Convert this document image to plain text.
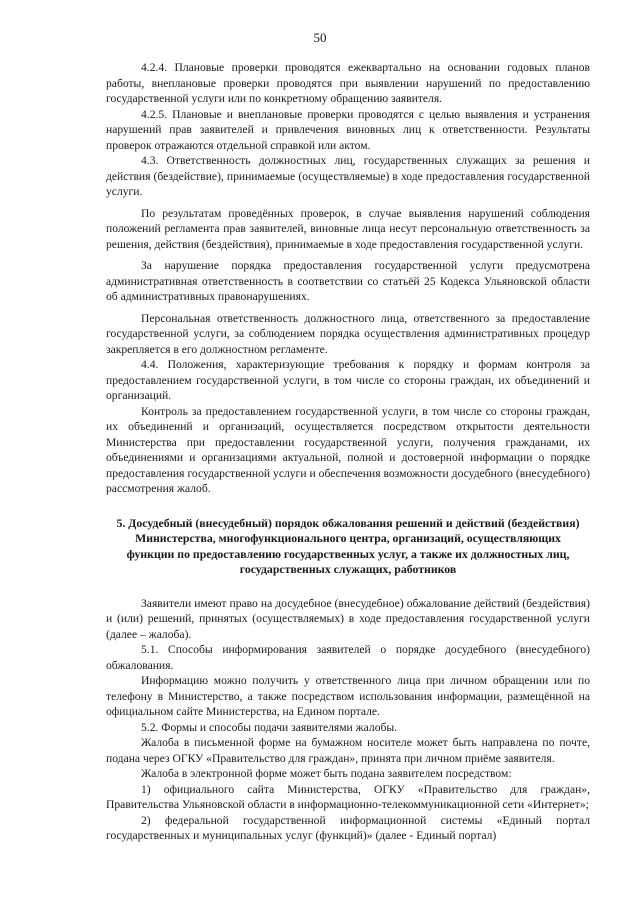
50

4.2.4. Плановые проверки проводятся ежеквартально на основании годовых планов работы, внеплановые проверки проводятся при выявлении нарушений по предоставлению государственной услуги или по конкретному обращению заявителя.

4.2.5. Плановые и внеплановые проверки проводятся с целью выявления и устранения нарушений прав заявителей и привлечения виновных лиц к ответственности. Результаты проверок отражаются отдельной справкой или актом.

4.3. Ответственность должностных лиц, государственных служащих за решения и действия (бездействие), принимаемые (осуществляемые) в ходе предоставления государственной услуги.

По результатам проведённых проверок, в случае выявления нарушений соблюдения положений регламента прав заявителей, виновные лица несут персональную ответственность за решения, действия (бездействия), принимаемые в ходе предоставления государственной услуги.

За нарушение порядка предоставления государственной услуги предусмотрена административная ответственность в соответствии со статьёй 25 Кодекса Ульяновской области об административных правонарушениях.

Персональная ответственность должностного лица, ответственного за предоставление государственной услуги, за соблюдением порядка осуществления административных процедур закрепляется в его должностном регламенте.

4.4. Положения, характеризующие требования к порядку и формам контроля за предоставлением государственной услуги, в том числе со стороны граждан, их объединений и организаций.

Контроль за предоставлением государственной услуги, в том числе со стороны граждан, их объединений и организаций, осуществляется посредством открытости деятельности Министерства при предоставлении государственной услуги, получения гражданами, их объединениями и организациями актуальной, полной и достоверной информации о порядке предоставления государственной услуги и обеспечения возможности досудебного (внесудебного) рассмотрения жалоб.

5. Досудебный (внесудебный) порядок обжалования решений и действий (бездействия)
Министерства, многофункционального центра, организаций, осуществляющих
функции по предоставлению государственных услуг, а также их должностных лиц,
государственных служащих, работников

Заявители имеют право на досудебное (внесудебное) обжалование действий (бездействия) и (или) решений, принятых (осуществляемых) в ходе предоставления государственной услуги (далее – жалоба).

5.1. Способы информирования заявителей о порядке досудебного (внесудебного) обжалования.

Информацию можно получить у ответственного лица при личном обращении или по телефону в Министерство, а также посредством использования информации, размещённой на официальном сайте Министерства, на Едином портале.

5.2. Формы и способы подачи заявителями жалобы.

Жалоба в письменной форме на бумажном носителе может быть направлена по почте, подана через ОГКУ «Правительство для граждан», принята при личном приёме заявителя.

Жалоба в электронной форме может быть подана заявителем посредством:

1) официального сайта Министерства, ОГКУ «Правительство для граждан», Правительства Ульяновской области в информационно-телекоммуникационной сети «Интернет»;

2) федеральной государственной информационной системы «Единый портал государственных и муниципальных услуг (функций)» (далее - Единый портал)
